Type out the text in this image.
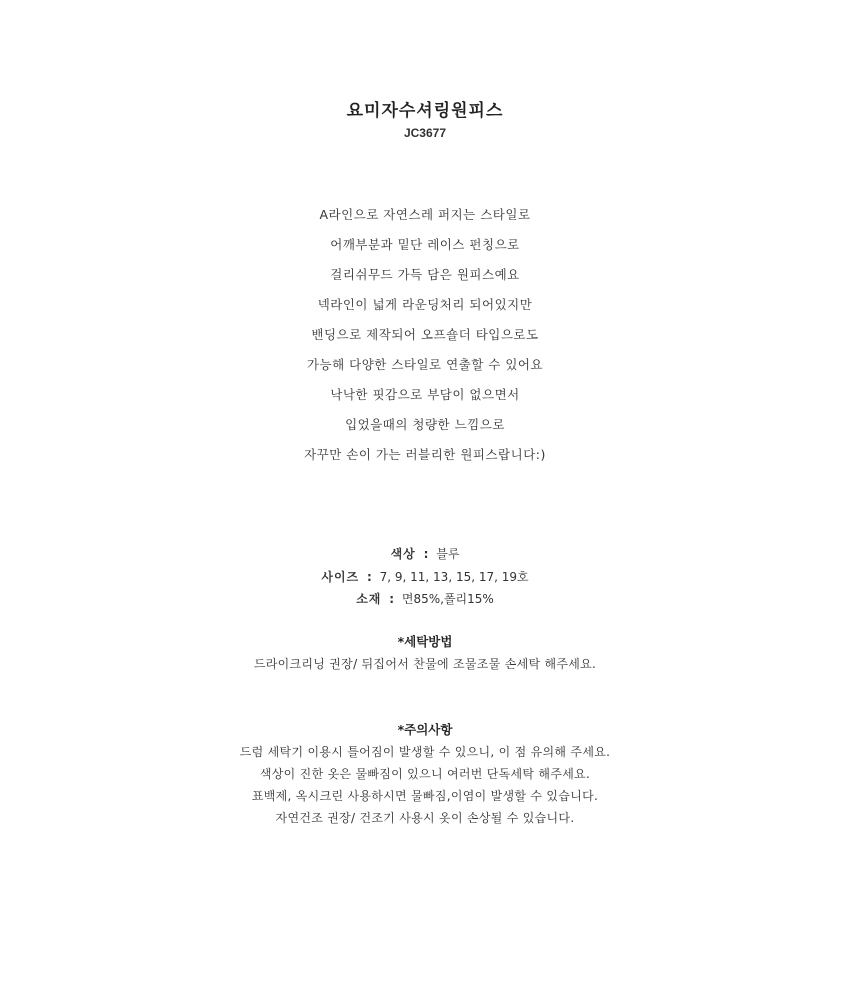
요미자수셔링원피스
JC3677
A라인으로 자연스레 퍼지는 스타일로
어깨부분과 밑단 레이스 펀칭으로
걸리쉬무드 가득 담은 원피스예요
넥라인이 넓게 라운딩처리 되어있지만
밴딩으로 제작되어 오프숄더 타입으로도
가능해 다양한 스타일로 연출할 수 있어요
낙낙한 핏감으로 부담이 없으면서
입었을때의 청량한 느낌으로
자꾸만 손이 가는 러블리한 원피스랍니다:)
색상 : 블루
사이즈 : 7, 9, 11, 13, 15, 17, 19호
소재 : 면85%,폴리15%
*세탁방법
드라이크리닝 권장/ 뒤집어서 찬물에 조물조물 손세탁 해주세요.
*주의사항
드럼 세탁기 이용시 틀어짐이 발생할 수 있으니, 이 점 유의해 주세요.
색상이 진한 옷은 물빠짐이 있으니 여러번 단독세탁 해주세요.
표백제, 옥시크린 사용하시면 물빠짐,이염이 발생할 수 있습니다.
자연건조 권장/ 건조기 사용시 옷이 손상될 수 있습니다.
